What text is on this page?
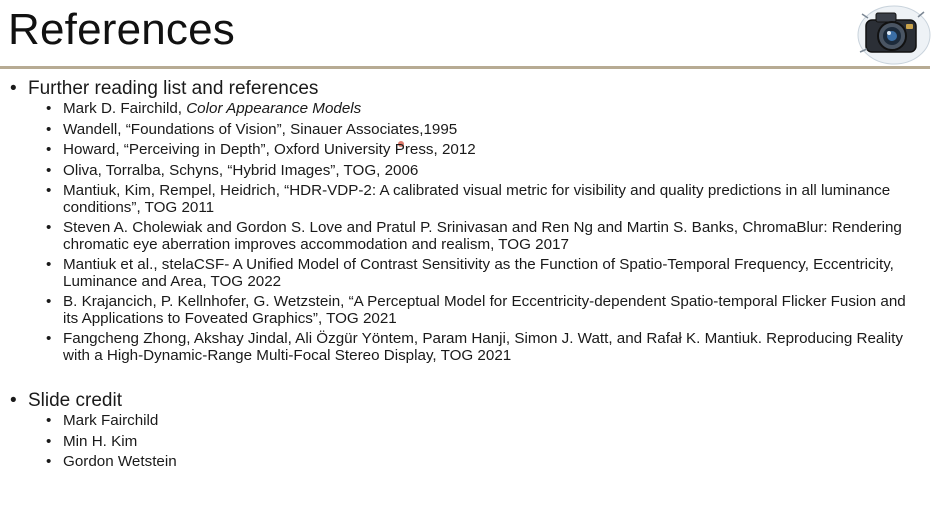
References
• Further reading list and references
• Mark D. Fairchild, Color Appearance Models
• Wandell, “Foundations of Vision”, Sinauer Associates,1995
• Howard, “Perceiving in Depth”, Oxford University Press, 2012
• Oliva, Torralba, Schyns, “Hybrid Images”, TOG, 2006
• Mantiuk, Kim, Rempel, Heidrich, “HDR-VDP-2: A calibrated visual metric for visibility and quality predictions in all luminance conditions”, TOG 2011
• Steven A. Cholewiak and Gordon S. Love and Pratul P. Srinivasan and Ren Ng and Martin S. Banks, ChromaBlur: Rendering chromatic eye aberration improves accommodation and realism, TOG 2017
• Mantiuk et al., stelaCSF- A Unified Model of Contrast Sensitivity as the Function of Spatio-Temporal Frequency, Eccentricity, Luminance and Area, TOG 2022
• B. Krajancich, P. Kellnhofer, G. Wetzstein, “A Perceptual Model for Eccentricity-dependent Spatio-temporal Flicker Fusion and its Applications to Foveated Graphics”, TOG 2021
• Fangcheng Zhong, Akshay Jindal, Ali Özgür Yöntem, Param Hanji, Simon J. Watt, and Rafał K. Mantiuk. Reproducing Reality with a High-Dynamic-Range Multi-Focal Stereo Display, TOG 2021
• Slide credit
• Mark Fairchild
• Min H. Kim
• Gordon Wetstein
